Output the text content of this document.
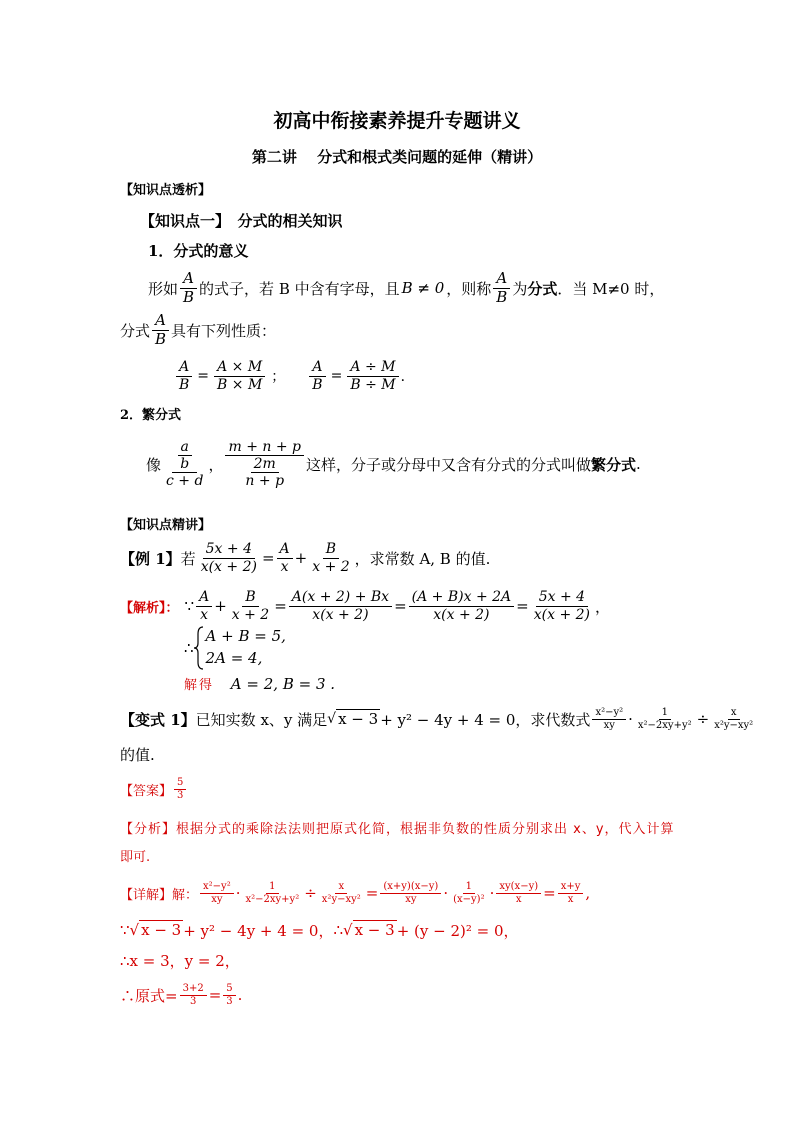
初高中衔接素养提升专题讲义
第二讲　 分式和根式类问题的延伸（精讲）
【知识点透析】
【知识点一】　分式的相关知识
1．分式的意义
形如 $\frac{A}{B}$ 的式子，若 B 中含有字母，且 B ≠ 0 ，则称 $\frac{A}{B}$ 为 分式 ．当 M≠0 时，
分式 $\frac{A}{B}$ 具有下列性质：
$\frac{A}{B} = \frac{A \times M}{B \times M}$ ； $\frac{A}{B} = \frac{A \div M}{B \div M}$ ．
2．繁分式
像 $\frac{\frac{a}{b}}{c + d}$ ， $\frac{m + n + p}{\frac{2m}{n + p}}$ 这样，分子或分母中又含有分式的分式叫做 繁分式 .
【知识点精讲】
【例 1】 若 $\frac{5x + 4}{x(x + 2)} = \frac{A}{x} + \frac{B}{x + 2}$ ，求常数 A, B 的值.
【解析】： ∵ $\frac{A}{x} + \frac{B}{x + 2} = \frac{A(x + 2) + Bx}{x(x + 2)} = \frac{(A + B)x + 2A}{x(x + 2)} = \frac{5x + 4}{x(x + 2)}$ ，
∴
A + B = 5,
2A = 4,
解得 A = 2, B = 3 .
【变式 1】 已知实数 x、y 满足 √ x − 3 + y² − 4y + 4 = 0，求代数式 $\frac{\text{x²−y²}}{xy} \cdot \frac{1}{\text{x²−2xy+y²}} \div \frac{x}{\text{x²y−xy²}}$
的值.
【答案】 $\frac{5}{3}$
【分析】根据分式的乘除法法则把原式化简，根据非负数的性质分别求出 x、y，代入计算
即可.
【详解】 解： $\frac{\text{x²−y²}}{xy} \cdot \frac{1}{\text{x²−2xy+y²}} \div \frac{x}{\text{x²y−xy²}} = \frac{(x+y)(x-y)}{xy} \cdot \frac{1}{\text{(x−y)²}} \cdot \frac{xy(x-y)}{x} = \frac{x+y}{x}$ ,
∵ √ x − 3 + y² − 4y + 4 = 0， ∴ √ x − 3 + (y − 2)² = 0，
∴x = 3，y = 2，
∴原式= $\frac{3+2}{3} = \frac{5}{3}$ .
